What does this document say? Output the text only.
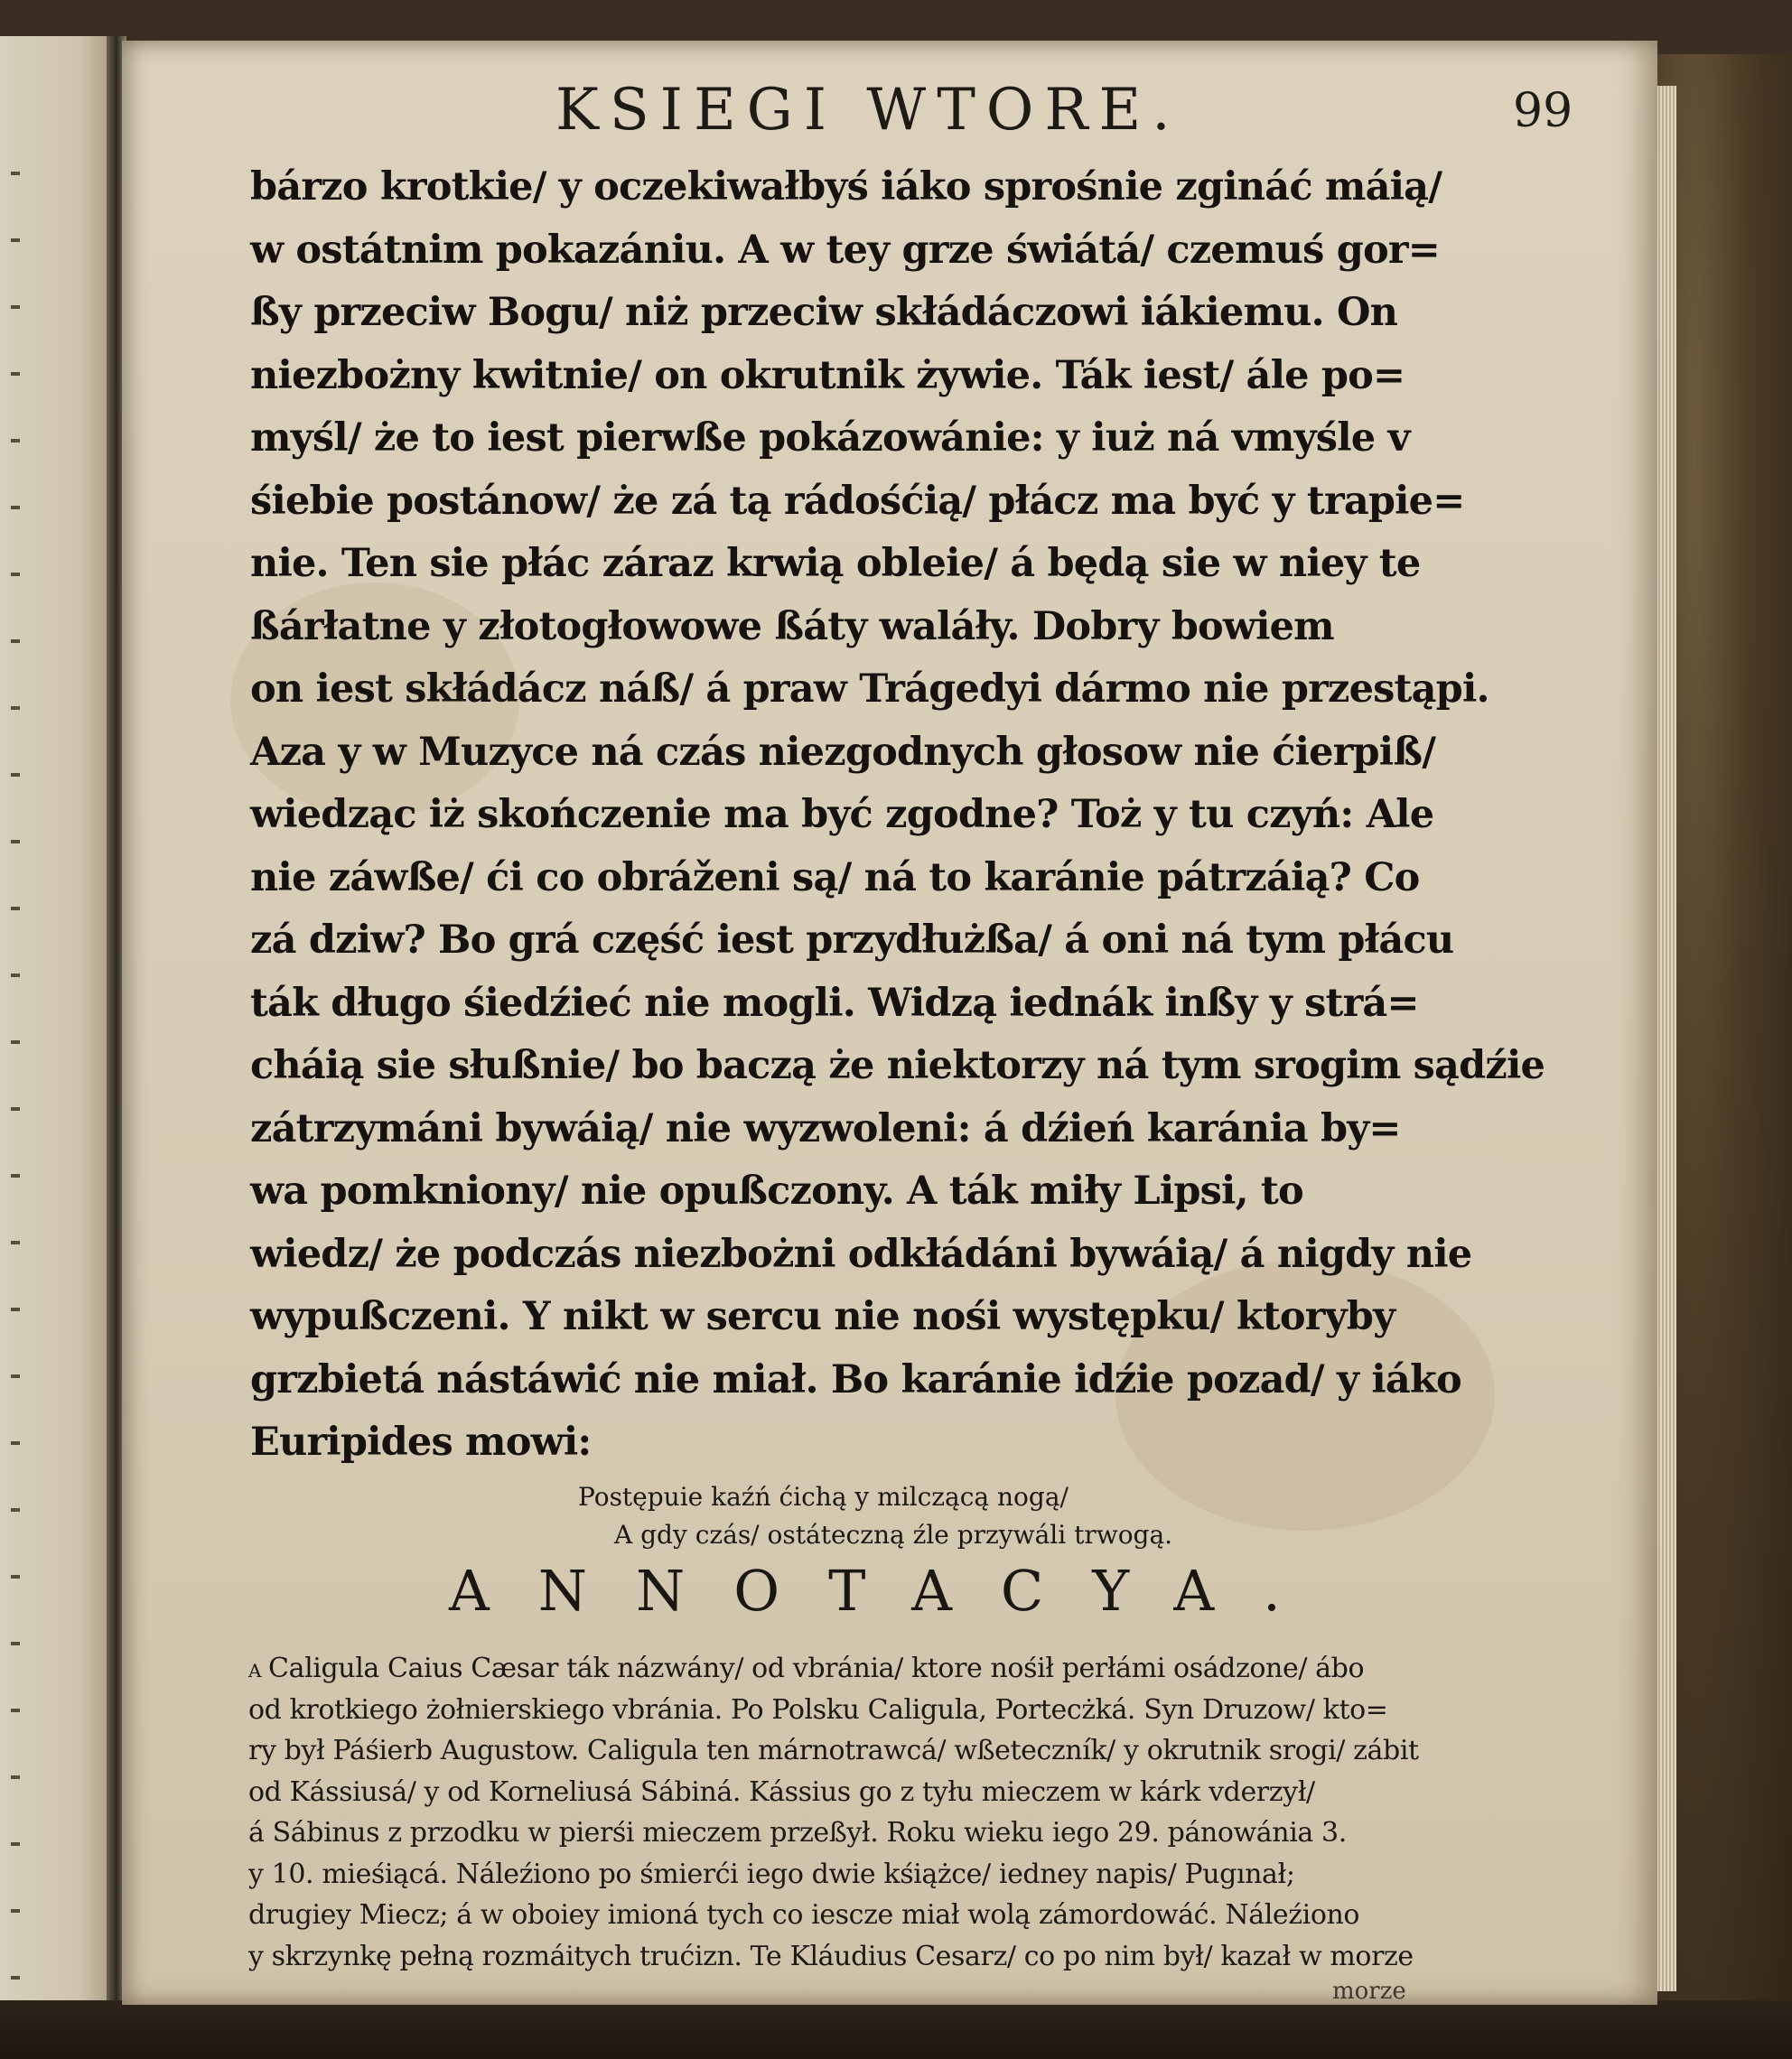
KSIEGI WTORE.	99
bárzo krotkie/ y oczekiwałbyś iáko sprośnie zgináć máią/
w ostátnim pokazániu. A w tey grze świátá/ czemuś gor=
ßy przeciw Bogu/ niż przeciw skłádáczowi iákiemu. On
niezbożny kwitnie/ on okrutnik żywie. Ták iest/ ále po=
myśl/ że to iest pierwße pokázowánie: y iuż ná vmyśle v
śiebie postánow/ że zá tą rádośćią/ płácz ma być y trapie=
nie. Ten sie płác záraz krwią obleie/ á będą sie w niey te
ßárłatne y złotogłowowe ßáty waláły. Dobry bowiem
on iest skłádácz náß/ á praw Trágedyi dármo nie przestąpi.
Aza y w Muzyce ná czás niezgodnych głosow nie ćierpiß/
wiedząc iż skończenie ma być zgodne? Toż y tu czyń: Ale
nie záwße/ ći co obráženi są/ ná to karánie pátrzáią? Co
zá dziw? Bo grá część iest przydłużßa/ á oni ná tym płácu
ták długo śiedźieć nie mogli. Widzą iednák inßy y strá=
cháią sie słußnie/ bo baczą że niektorzy ná tym srogim sądźie
zátrzymáni bywáią/ nie wyzwoleni: á dźień karánia by=
wa pomkniony/ nie opußczony. A ták miły Lipsi, to
wiedz/ że podczás niezbożni odkłádáni bywáią/ á nigdy nie
wypußczeni. Y nikt w sercu nie nośi występku/ ktoryby
grzbietá nástáwić nie miał. Bo karánie idźie pozad/ y iáko
Euripides mowi:
Postępuie kaźń ćichą y milczącą nogą/
A gdy czás/ ostáteczną źle przywáli trwogą.
ANNOTACYA.
A Caligula Caius Cæsar ták názwány/ od vbránia/ ktore nośił perłámi osádzone/ ábo
od krotkiego żołnierskiego vbránia. Po Polsku Caligula, Portecżká. Syn Druzow/ kto=
ry był Páśierb Augustow. Caligula ten márnotrawcá/ wßeteczník/ y okrutnik srogi/ zábit
od Kássiusá/ y od Korneliusá Sábiná. Kássius go z tyłu mieczem w kárk vderzył/
á Sábinus z przodku w pierśi mieczem przeßył. Roku wieku iego 29. pánowánia 3.
y 10. mieśiącá. Náleźiono po śmierći iego dwie kśiążce/ iedney napis/ Pugınał;
drugiey Miecz; á w oboiey imioná tych co iescze miał wolą zámordowáć. Náleźiono
y skrzynkę pełną rozmáitych trućizn. Te Kláudius Cesarz/ co po nim był/ kazał w morze
morze
